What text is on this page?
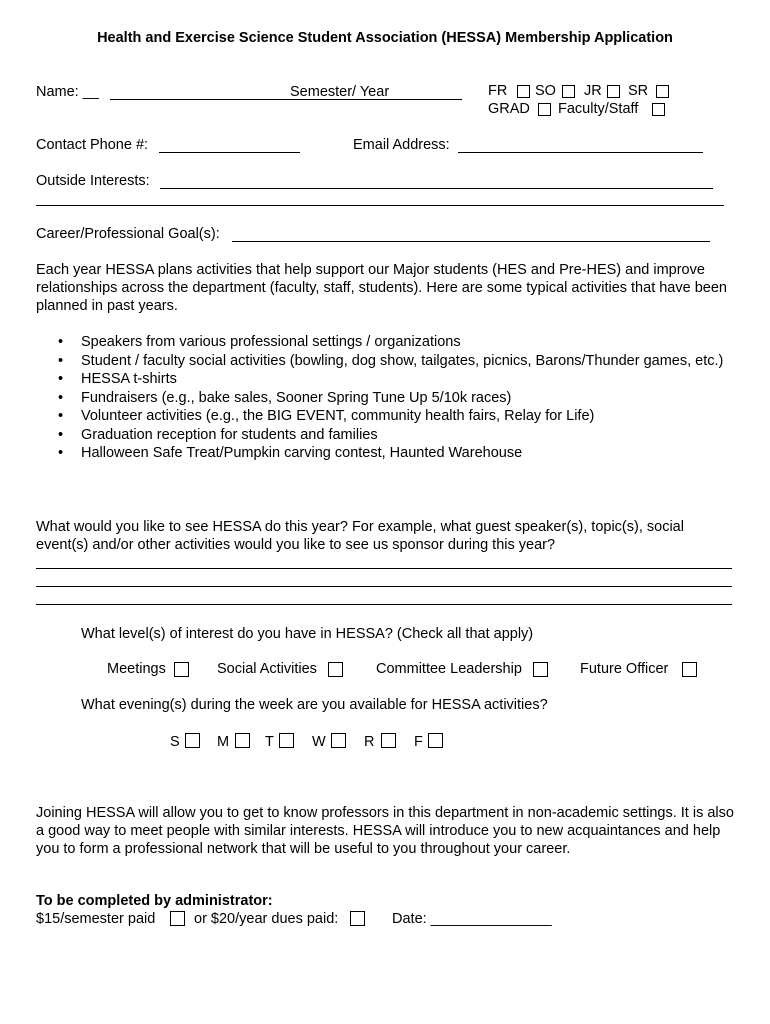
Health and Exercise Science Student Association (HESSA) Membership Application
Name: __	Semester/ Year	FR SO JR SR
GRAD Faculty/Staff
Contact Phone #:	Email Address:
Outside Interests:
Career/Professional Goal(s):
Each year HESSA plans activities that help support our Major students (HES and Pre-HES) and improve relationships across the department (faculty, staff, students). Here are some typical activities that have been planned in past years.
• Speakers from various professional settings / organizations
• Student / faculty social activities (bowling, dog show, tailgates, picnics, Barons/Thunder games, etc.)
• HESSA t-shirts
• Fundraisers (e.g., bake sales, Sooner Spring Tune Up 5/10k races)
• Volunteer activities (e.g., the BIG EVENT, community health fairs, Relay for Life)
• Graduation reception for students and families
• Halloween Safe Treat/Pumpkin carving contest, Haunted Warehouse
What would you like to see HESSA do this year? For example, what guest speaker(s), topic(s), social event(s) and/or other activities would you like to see us sponsor during this year?
What level(s) of interest do you have in HESSA? (Check all that apply)
Meetings	Social Activities	Committee Leadership	Future Officer
What evening(s) during the week are you available for HESSA activities?
S	M T	W	R	F
Joining HESSA will allow you to get to know professors in this department in non-academic settings. It is also a good way to meet people with similar interests. HESSA will introduce you to new acquaintances and help you to form a professional network that will be useful to you throughout your career.
To be completed by administrator:
$15/semester paid	or $20/year dues paid:	Date: _______________
